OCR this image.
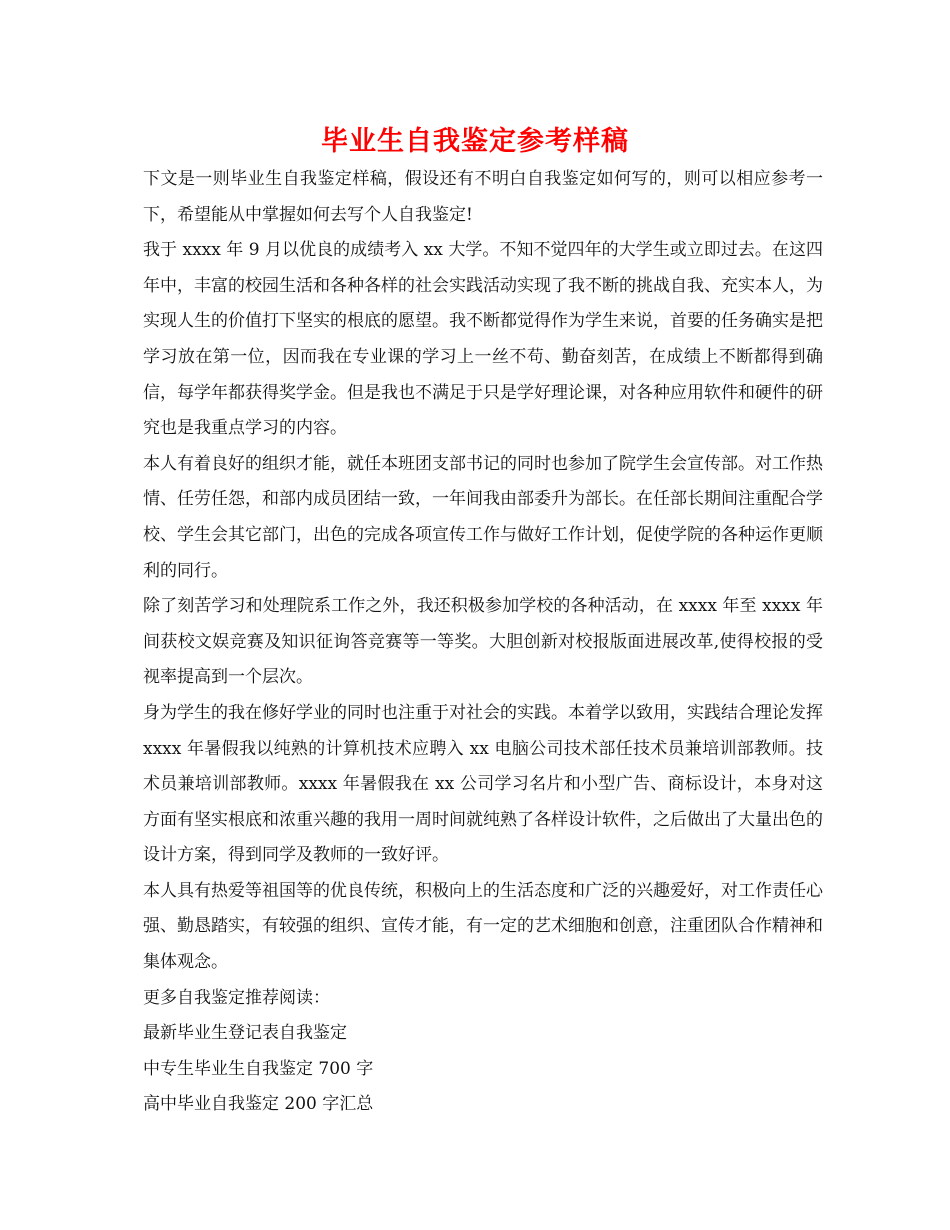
毕业生自我鉴定参考样稿

下文是一则毕业生自我鉴定样稿，假设还有不明白自我鉴定如何写的，则可以相应参考一下，希望能从中掌握如何去写个人自我鉴定!

我于 xxxx 年 9 月以优良的成绩考入 xx 大学。不知不觉四年的大学生或立即过去。在这四年中，丰富的校园生活和各种各样的社会实践活动实现了我不断的挑战自我、充实本人，为实现人生的价值打下坚实的根底的愿望。我不断都觉得作为学生来说，首要的任务确实是把学习放在第一位，因而我在专业课的学习上一丝不苟、勤奋刻苦，在成绩上不断都得到确信，每学年都获得奖学金。但是我也不满足于只是学好理论课，对各种应用软件和硬件的研究也是我重点学习的内容。

本人有着良好的组织才能，就任本班团支部书记的同时也参加了院学生会宣传部。对工作热情、任劳任怨，和部内成员团结一致，一年间我由部委升为部长。在任部长期间注重配合学校、学生会其它部门，出色的完成各项宣传工作与做好工作计划，促使学院的各种运作更顺利的同行。

除了刻苦学习和处理院系工作之外，我还积极参加学校的各种活动，在 xxxx 年至 xxxx 年间获校文娱竞赛及知识征询答竞赛等一等奖。大胆创新对校报版面进展改革,使得校报的受视率提高到一个层次。

身为学生的我在修好学业的同时也注重于对社会的实践。本着学以致用，实践结合理论发挥 xxxx 年暑假我以纯熟的计算机技术应聘入 xx 电脑公司技术部任技术员兼培训部教师。技术员兼培训部教师。xxxx 年暑假我在 xx 公司学习名片和小型广告、商标设计，本身对这方面有坚实根底和浓重兴趣的我用一周时间就纯熟了各样设计软件，之后做出了大量出色的设计方案，得到同学及教师的一致好评。

本人具有热爱等祖国等的优良传统，积极向上的生活态度和广泛的兴趣爱好，对工作责任心强、勤恳踏实，有较强的组织、宣传才能，有一定的艺术细胞和创意，注重团队合作精神和集体观念。

更多自我鉴定推荐阅读：

最新毕业生登记表自我鉴定

中专生毕业生自我鉴定 700 字

高中毕业自我鉴定 200 字汇总
